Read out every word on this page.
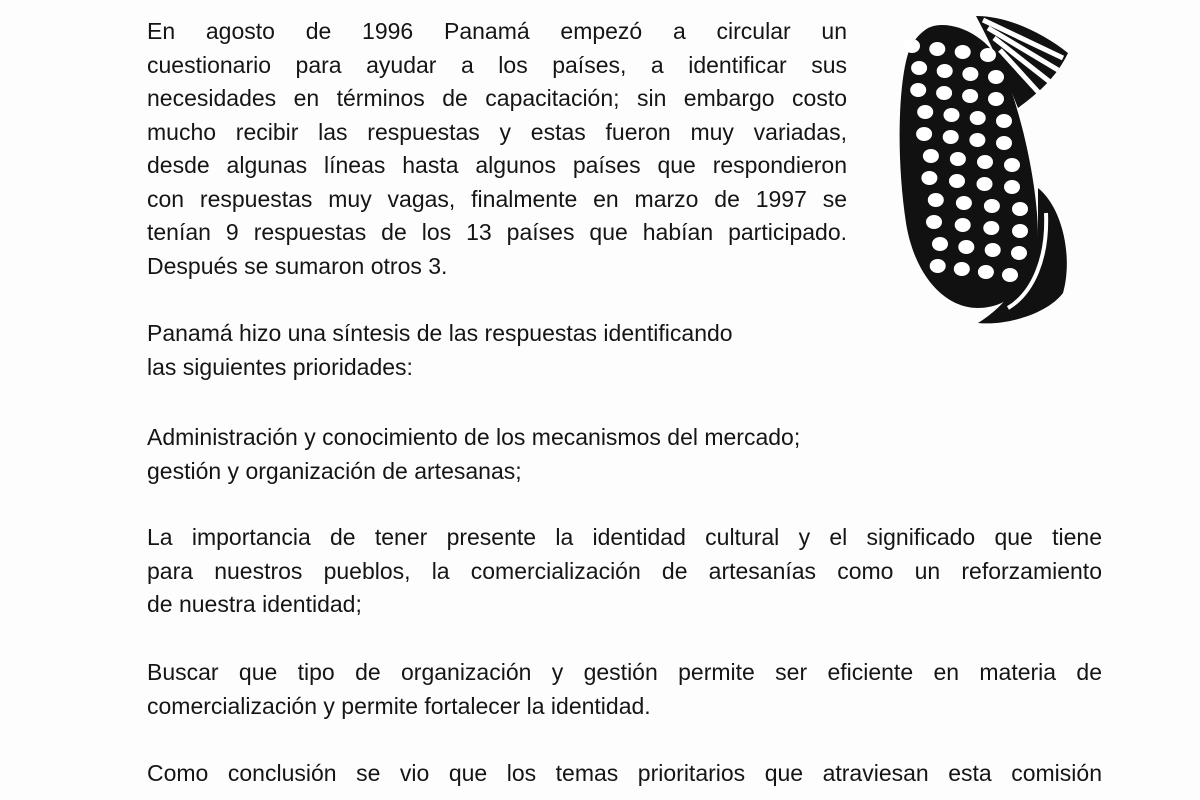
En agosto de 1996 Panamá empezó a circular un
cuestionario para ayudar a los países, a identificar sus
necesidades en términos de capacitación; sin embargo costo
mucho recibir las respuestas y estas fueron muy variadas,
desde algunas líneas hasta algunos países que respondieron
con respuestas muy vagas, finalmente en marzo de 1997 se
tenían 9 respuestas de los 13 países que habían participado.
Después se sumaron otros 3.
Panamá hizo una síntesis de las respuestas identificando
las siguientes prioridades:
Administración y conocimiento de los mecanismos del mercado;
gestión y organización de artesanas;
La importancia de tener presente la identidad cultural y el significado que tiene
para nuestros pueblos, la comercialización de artesanías como un reforzamiento
de nuestra identidad;
Buscar que tipo de organización y gestión permite ser eficiente en materia de
comercialización y permite fortalecer la identidad.
Como conclusión se vio que los temas prioritarios que atraviesan esta comisión
